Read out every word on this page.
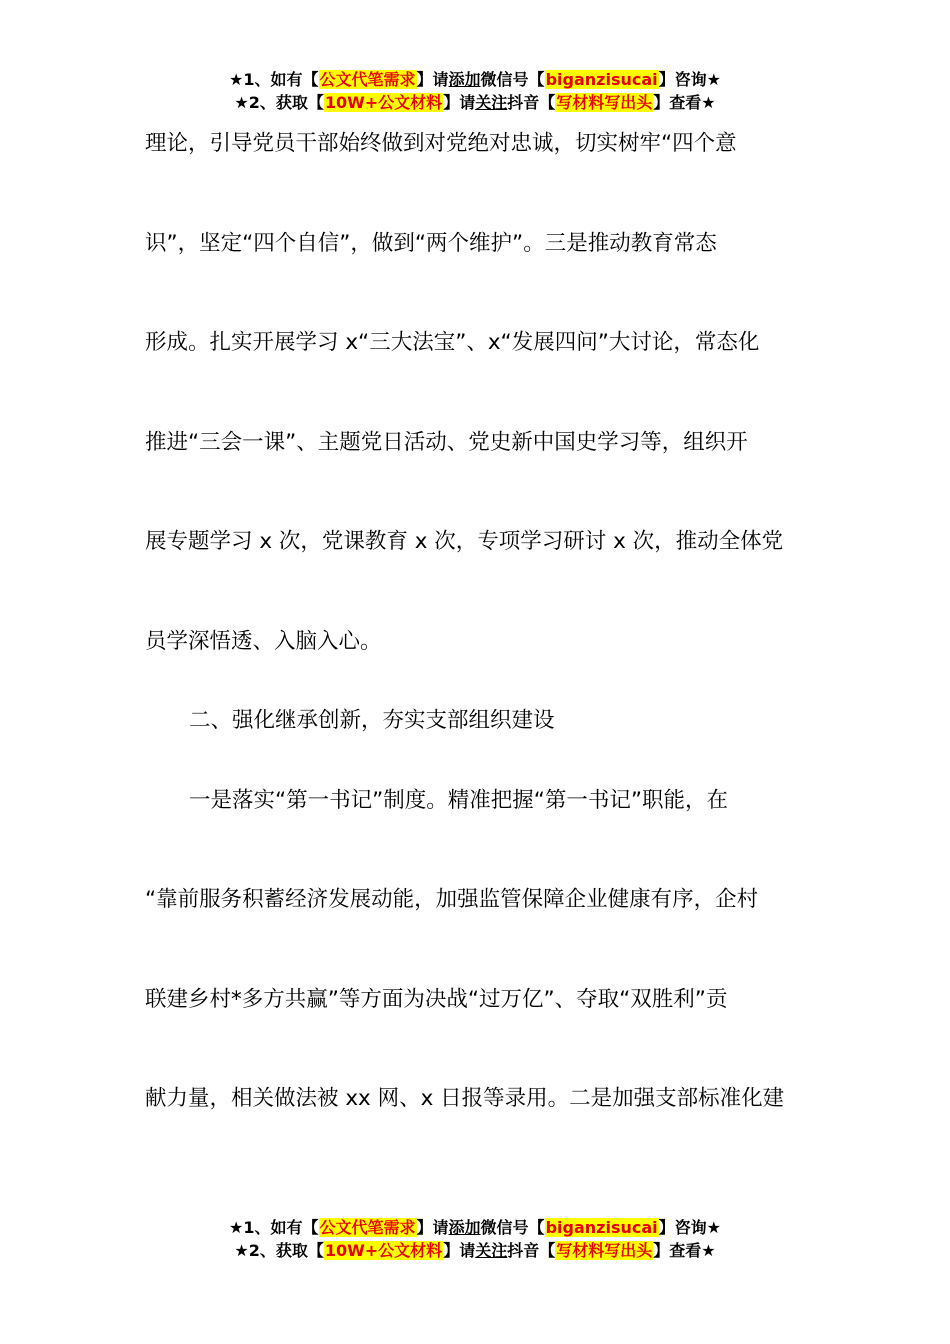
★1、如有【公文代笔需求】请添加微信号【biganzisucai】咨询★
★2、获取【10W+公文材料】请关注抖音【写材料写出头】查看★
理论，引导党员干部始终做到对党绝对忠诚，切实树牢“四个意
识”，坚定“四个自信”，做到“两个维护”。三是推动教育常态
形成。扎实开展学习 x“三大法宝”、x“发展四问”大讨论，常态化
推进“三会一课”、主题党日活动、党史新中国史学习等，组织开
展专题学习 x 次，党课教育 x 次，专项学习研讨 x 次，推动全体党
员学深悟透、入脑入心。
二、强化继承创新，夯实支部组织建设
一是落实“第一书记”制度。精准把握“第一书记”职能，在
“靠前服务积蓄经济发展动能，加强监管保障企业健康有序，企村
联建乡村*多方共赢”等方面为决战“过万亿”、夺取“双胜利”贡
献力量，相关做法被 xx 网、x 日报等录用。二是加强支部标准化建
★1、如有【公文代笔需求】请添加微信号【biganzisucai】咨询★
★2、获取【10W+公文材料】请关注抖音【写材料写出头】查看★
